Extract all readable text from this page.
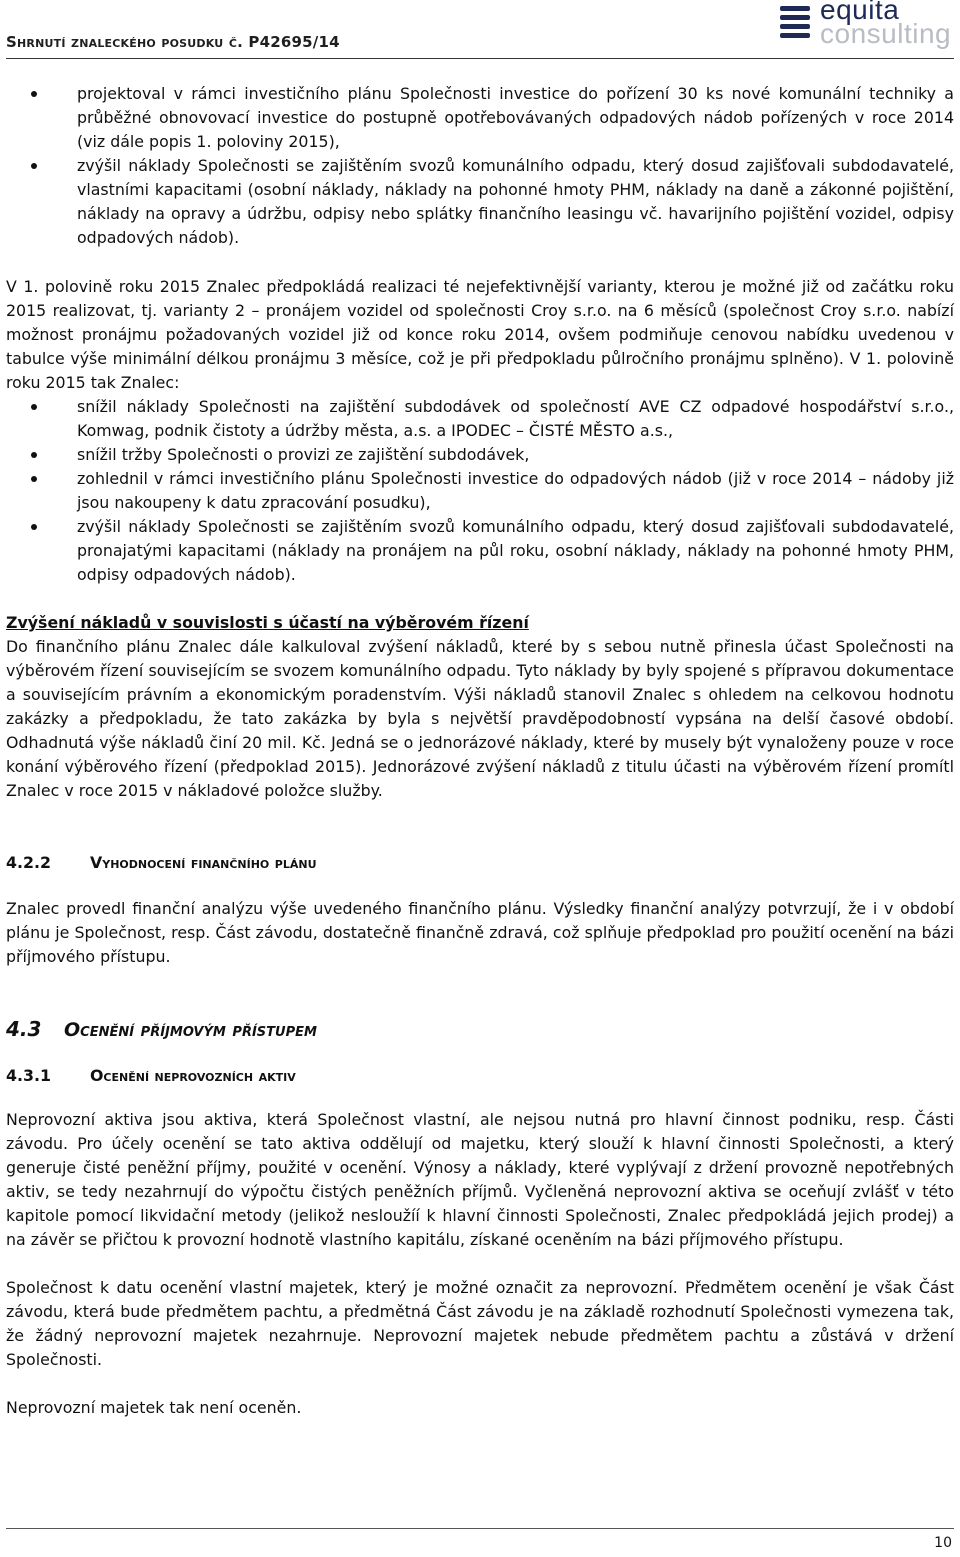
Shrnutí znaleckého posudku č. P42695/14
equita
consulting
projektoval v rámci investičního plánu Společnosti investice do pořízení 30 ks nové komunální techniky a průběžné obnovovací investice do postupně opotřebovávaných odpadových nádob pořízených v roce 2014 (viz dále popis 1. poloviny 2015),
zvýšil náklady Společnosti se zajištěním svozů komunálního odpadu, který dosud zajišťovali subdodavatelé, vlastními kapacitami (osobní náklady, náklady na pohonné hmoty PHM, náklady na daně a zákonné pojištění, náklady na opravy a údržbu, odpisy nebo splátky finančního leasingu vč. havarijního pojištění vozidel, odpisy odpadových nádob).

V 1. polovině roku 2015 Znalec předpokládá realizaci té nejefektivnější varianty, kterou je možné již od začátku roku 2015 realizovat, tj. varianty 2 – pronájem vozidel od společnosti Croy s.r.o. na 6 měsíců (společnost Croy s.r.o. nabízí možnost pronájmu požadovaných vozidel již od konce roku 2014, ovšem podmiňuje cenovou nabídku uvedenou v tabulce výše minimální délkou pronájmu 3 měsíce, což je při předpokladu půlročního pronájmu splněno). V 1. polovině roku 2015 tak Znalec:

snížil náklady Společnosti na zajištění subdodávek od společností AVE CZ odpadové hospodářství s.r.o., Komwag, podnik čistoty a údržby města, a.s. a IPODEC – ČISTÉ MĚSTO a.s.,
snížil tržby Společnosti o provizi ze zajištění subdodávek,
zohlednil v rámci investičního plánu Společnosti investice do odpadových nádob (již v roce 2014 – nádoby již jsou nakoupeny k datu zpracování posudku),
zvýšil náklady Společnosti se zajištěním svozů komunálního odpadu, který dosud zajišťovali subdodavatelé, pronajatými kapacitami (náklady na pronájem na půl roku, osobní náklady, náklady na pohonné hmoty PHM, odpisy odpadových nádob).

Zvýšení nákladů v souvislosti s účastí na výběrovém řízení

Do finančního plánu Znalec dále kalkuloval zvýšení nákladů, které by s sebou nutně přinesla účast Společnosti na výběrovém řízení souvisejícím se svozem komunálního odpadu. Tyto náklady by byly spojené s přípravou dokumentace a souvisejícím právním a ekonomickým poradenstvím. Výši nákladů stanovil Znalec s ohledem na celkovou hodnotu zakázky a předpokladu, že tato zakázka by byla s největší pravděpodobností vypsána na delší časové období. Odhadnutá výše nákladů činí 20 mil. Kč. Jedná se o jednorázové náklady, které by musely být vynaloženy pouze v roce konání výběrového řízení (předpoklad 2015). Jednorázové zvýšení nákladů z titulu účasti na výběrovém řízení promítl Znalec v roce 2015 v nákladové položce služby.

4.2.2 Vyhodnocení finančního plánu

Znalec provedl finanční analýzu výše uvedeného finančního plánu. Výsledky finanční analýzy potvrzují, že i v období plánu je Společnost, resp. Část závodu, dostatečně finančně zdravá, což splňuje předpoklad pro použití ocenění na bázi příjmového přístupu.

4.3 Ocenění příjmovým přístupem
4.3.1 Ocenění neprovozních aktiv

Neprovozní aktiva jsou aktiva, která Společnost vlastní, ale nejsou nutná pro hlavní činnost podniku, resp. Části závodu. Pro účely ocenění se tato aktiva oddělují od majetku, který slouží k hlavní činnosti Společnosti, a který generuje čisté peněžní příjmy, použité v ocenění. Výnosy a náklady, které vyplývají z držení provozně nepotřebných aktiv, se tedy nezahrnují do výpočtu čistých peněžních příjmů. Vyčleněná neprovozní aktiva se oceňují zvlášť v této kapitole pomocí likvidační metody (jelikož nesloužíí k hlavní činnosti Společnosti, Znalec předpokládá jejich prodej) a na závěr se přičtou k provozní hodnotě vlastního kapitálu, získané oceněním na bázi příjmového přístupu.

Společnost k datu ocenění vlastní majetek, který je možné označit za neprovozní. Předmětem ocenění je však Část závodu, která bude předmětem pachtu, a předmětná Část závodu je na základě rozhodnutí Společnosti vymezena tak, že žádný neprovozní majetek nezahrnuje. Neprovozní majetek nebude předmětem pachtu a zůstává v držení Společnosti.

Neprovozní majetek tak není oceněn.

10
